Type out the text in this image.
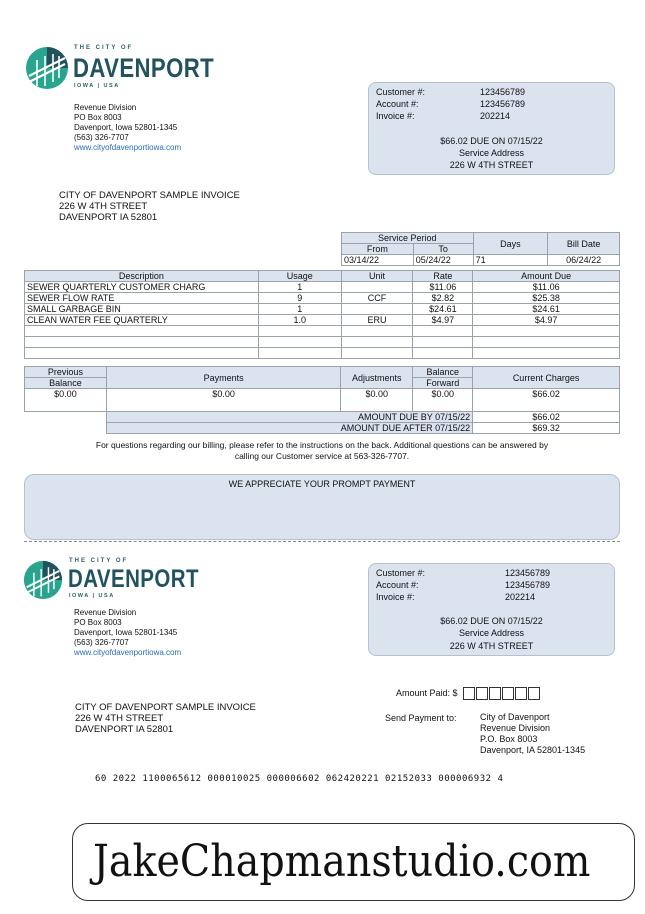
THE CITY OF
DAVENPORT
IOWA | USA
Revenue Division
PO Box 8003
Davenport, Iowa 52801-1345
(563) 326-7707
www.cityofdavenportiowa.com
Customer #:	123456789
Account #:	123456789
Invoice #:	202214
$66.02 DUE ON 07/15/22
Service Address
226 W 4TH STREET
CITY OF DAVENPORT SAMPLE INVOICE
226 W 4TH STREET
DAVENPORT IA 52801
Service Period		Days	Bill Date
From	To		
03/14/22	05/24/22	71	06/24/22
Description	Usage	Unit	Rate	Amount Due
SEWER QUARTERLY CUSTOMER CHARG	1		$11.06	$11.06
SEWER FLOW RATE	9	CCF	$2.82	$25.38
SMALL GARBAGE BIN	1		$24.61	$24.61
CLEAN WATER FEE QUARTERLY	1.0	ERU	$4.97	$4.97

Previous	Payments	Adjustments	Balance	Current Charges
Balance			Forward	
$0.00	$0.00	$0.00	$0.00	$66.02
	AMOUNT DUE BY 07/15/22			$66.02
	AMOUNT DUE AFTER 07/15/22			$69.32
For questions regarding our billing, please refer to the instructions on the back. Additional questions can be answered by
calling our Customer service at 563-326-7707.
WE APPRECIATE YOUR PROMPT PAYMENT
THE CITY OF
DAVENPORT
IOWA | USA
Revenue Division
PO Box 8003
Davenport, Iowa 52801-1345
(563) 326-7707
www.cityofdavenportiowa.com
Customer #:	123456789
Account #:	123456789
Invoice #:	202214
$66.02 DUE ON 07/15/22
Service Address
226 W 4TH STREET
Amount Paid: $
CITY OF DAVENPORT SAMPLE INVOICE
226 W 4TH STREET
DAVENPORT IA 52801
Send Payment to:	City of Davenport
Revenue Division
P.O. Box 8003
Davenport, IA 52801-1345
60 2022 1100065612 000010025 000006602 062420221 02152033 000006932 4
JakeChapmanstudio.com
